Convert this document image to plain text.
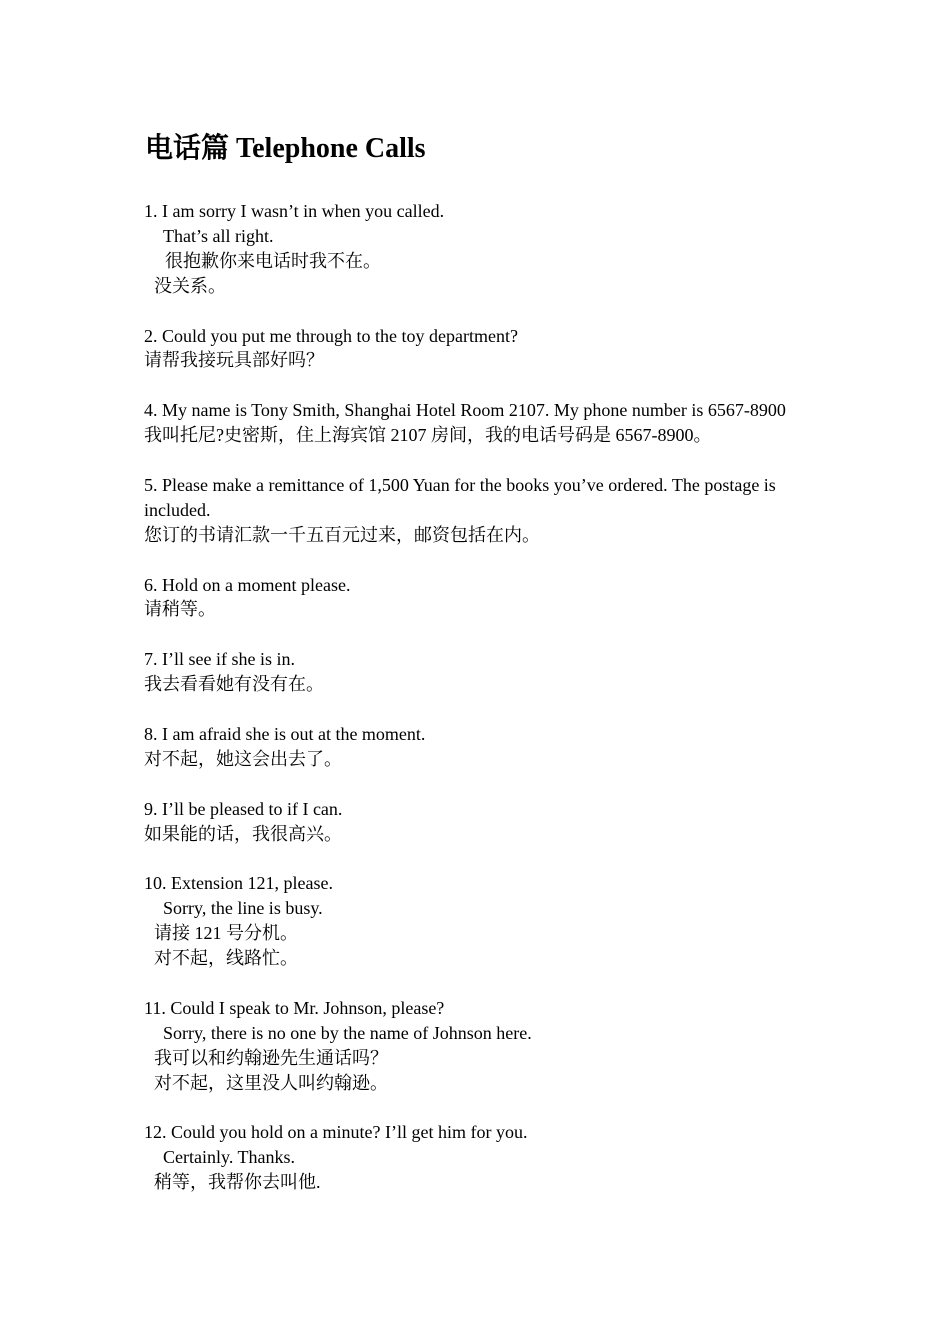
电话篇 Telephone Calls

1. I am sorry I wasn’t in when you called.

That’s all right.

很抱歉你来电话时我不在。

没关系。

2. Could you put me through to the toy department?

请帮我接玩具部好吗？

4. My name is Tony Smith, Shanghai Hotel Room 2107. My phone number is 6567-8900

我叫托尼?史密斯，住上海宾馆 2107 房间，我的电话号码是 6567-8900。

5. Please make a remittance of 1,500 Yuan for the books you’ve ordered. The postage is included.

您订的书请汇款一千五百元过来，邮资包括在内。

6. Hold on a moment please.

请稍等。

7. I’ll see if she is in.

我去看看她有没有在。

8. I am afraid she is out at the moment.

对不起，她这会出去了。

9. I’ll be pleased to if I can.

如果能的话，我很高兴。

10. Extension 121, please.

Sorry, the line is busy.

请接 121 号分机。

对不起，线路忙。

11. Could I speak to Mr. Johnson, please?

Sorry, there is no one by the name of Johnson here.

我可以和约翰逊先生通话吗？

对不起，这里没人叫约翰逊。

12. Could you hold on a minute? I’ll get him for you.

Certainly. Thanks.

稍等，我帮你去叫他.
